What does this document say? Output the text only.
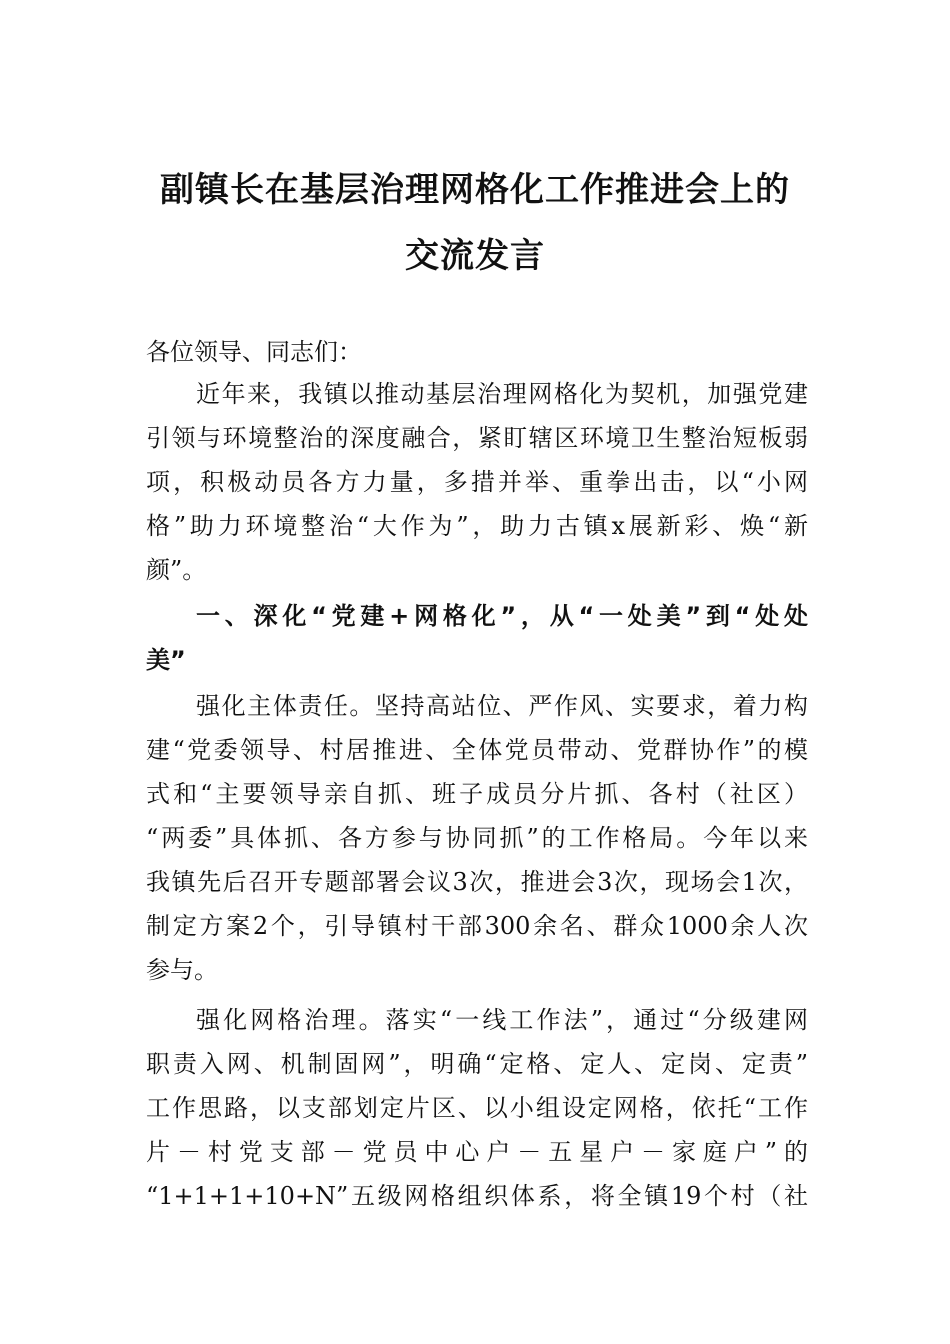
副镇长在基层治理网格化工作推进会上的
交流发言
各位领导、同志们：
近年来，我镇以推动基层治理网格化为契机，加强党建
引领与环境整治的深度融合，紧盯辖区环境卫生整治短板弱
项，积极动员各方力量，多措并举、重拳出击，以“小网
格”助力环境整治“大作为”，助力古镇x展新彩、焕“新
颜”。
一、深化“党建+网格化”，从“一处美”到“处处
美”
强化主体责任。坚持高站位、严作风、实要求，着力构
建“党委领导、村居推进、全体党员带动、党群协作”的模
式和“主要领导亲自抓、班子成员分片抓、各村（社区）
“两委”具体抓、各方参与协同抓”的工作格局。今年以来
我镇先后召开专题部署会议3次，推进会3次，现场会1次，
制定方案2个，引导镇村干部300余名、群众1000余人次
参与。
强化网格治理。落实“一线工作法”，通过“分级建网
职责入网、机制固网”，明确“定格、定人、定岗、定责”
工作思路，以支部划定片区、以小组设定网格，依托“工作
片－村党支部－党员中心户－五星户－家庭户”的
“1+1+1+10+N”五级网格组织体系，将全镇19个村（社
